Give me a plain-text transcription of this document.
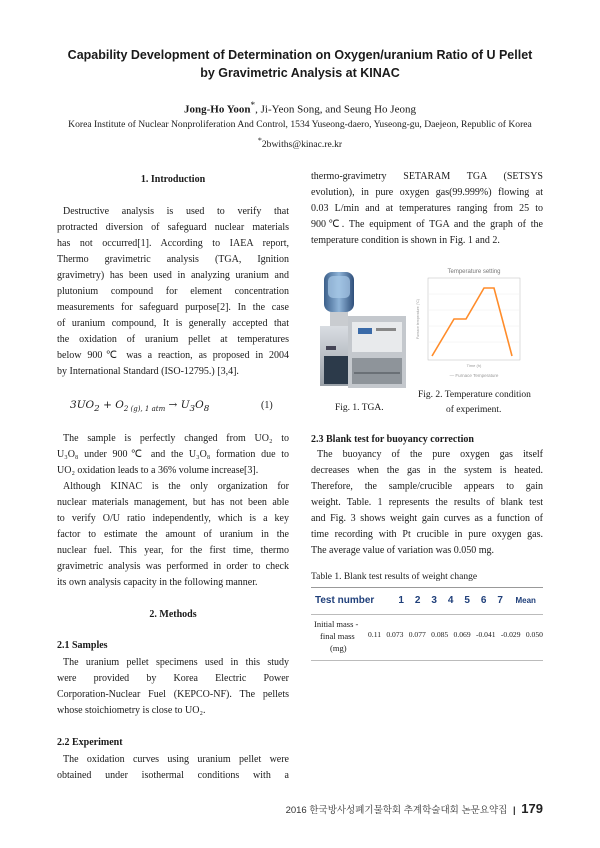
Capability Development of Determination on Oxygen/uranium Ratio of U Pellet
by Gravimetric Analysis at KINAC
Jong-Ho Yoon*, Ji-Yeon Song, and Seung Ho Jeong
Korea Institute of Nuclear Nonproliferation And Control, 1534 Yuseong-daero, Yuseong-gu, Daejeon, Republic of Korea
*2bwiths@kinac.re.kr
1. Introduction
Destructive analysis is used to verify that
protracted diversion of safeguard nuclear materials
has not occurred[1]. According to IAEA report,
Thermo gravimetric analysis (TGA, Ignition
gravimetry) has been used in analyzing uranium and
plutonium compound for element concentration
measurements for safeguard purpose[2]. In the case
of uranium compound, It is generally accepted that
the oxidation of uranium pellet at temperatures
below 900℃ was a reaction, as proposed in 2004
by International Standard (ISO-12795.) [3,4].
$3UO_2 + O_{2 (g), 1 atm} \to U_3O_8$	(1)
The sample is perfectly changed from UO₂ to
U₃O₈ under 900℃ and the U₃O₈ formation due to
UO₂ oxidation leads to a 36% volume increase[3].
Although KINAC is the only organization for
nuclear materials management, but has not been able
to verify O/U ratio independently, which is a key
factor to estimate the amount of uranium in the
nuclear fuel. This year, for the first time, thermo
gravimetric analysis was performed in order to check
its own analysis capacity in the following manner.
2. Methods
2.1 Samples
The uranium pellet specimens used in this study
were provided by Korea Electric Power
Corporation-Nuclear Fuel (KEPCO-NF). The pellets
whose stoichiometry is close to UO₂.
2.2 Experiment
The oxidation curves using uranium pellet were
obtained under isothermal conditions with a
thermo-gravimetry SETARAM TGA (SETSYS
evolution), in pure oxygen gas(99.999%) flowing at
0.03 L/min and at temperatures ranging from 25 to
900℃. The equipment of TGA and the graph of the
temperature condition is shown in Fig. 1 and 2.
Fig. 1. TGA.
Temperature setting
Furnace temperature (°C)
Time (h)
— Furnace Temperature
Fig. 2. Temperature condition
of experiment.
2.3 Blank test for buoyancy correction
The buoyancy of the pure oxygen gas itself
decreases when the gas in the system is heated.
Therefore, the sample/crucible appears to gain
weight. Table. 1 represents the results of blank test
and Fig. 3 shows weight gain curves as a function of
time recording with Pt crucible in pure oxygen gas.
The average value of variation was 0.050 mg.
Table 1. Blank test results of weight change
Test number	1	2	3	4	5	6	7	Mean
Initial mass -
final mass
(mg)
0.11 0.073 0.077 0.085 0.069 -0.041 -0.029 0.050
2016 한국방사성폐기물학회 추계학술대회 논문요약집 | 179
